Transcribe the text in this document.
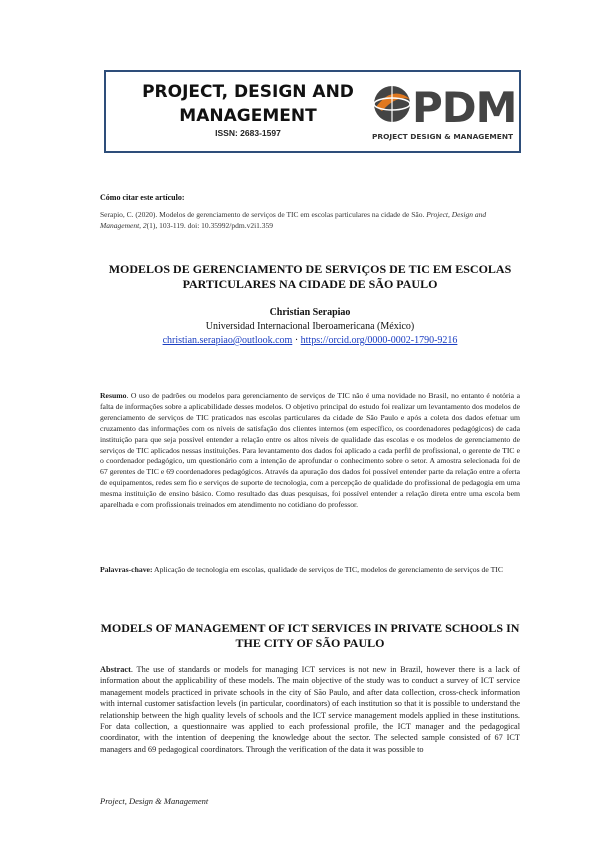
PROJECT, DESIGN AND MANAGEMENT
ISSN: 2683-1597
PDM
PROJECT DESIGN & MANAGEMENT
Cómo citar este artículo:
Serapio, C. (2020). Modelos de gerenciamento de serviços de TIC em escolas particulares na cidade de São. Project, Design and Management, 2(1), 103-119. doi: 10.35992/pdm.v2i1.359
MODELOS DE GERENCIAMENTO DE SERVIÇOS DE TIC EM ESCOLAS PARTICULARES NA CIDADE DE SÃO PAULO
Christian Serapiao
Universidad Internacional Iberoamericana (México)
christian.serapiao@outlook.com · https://orcid.org/0000-0002-1790-9216
Resumo. O uso de padrões ou modelos para gerenciamento de serviços de TIC não é uma novidade no Brasil, no entanto é notória a falta de informações sobre a aplicabilidade desses modelos. O objetivo principal do estudo foi realizar um levantamento dos modelos de gerenciamento de serviços de TIC praticados nas escolas particulares da cidade de São Paulo e após a coleta dos dados efetuar um cruzamento das informações com os níveis de satisfação dos clientes internos (em específico, os coordenadores pedagógicos) de cada instituição para que seja possível entender a relação entre os altos níveis de qualidade das escolas e os modelos de gerenciamento de serviços de TIC aplicados nessas instituições. Para levantamento dos dados foi aplicado a cada perfil de profissional, o gerente de TIC e o coordenador pedagógico, um questionário com a intenção de aprofundar o conhecimento sobre o setor. A amostra selecionada foi de 67 gerentes de TIC e 69 coordenadores pedagógicos. Através da apuração dos dados foi possível entender parte da relação entre a oferta de equipamentos, redes sem fio e serviços de suporte de tecnologia, com a percepção de qualidade do profissional de pedagogia em uma mesma instituição de ensino básico. Como resultado das duas pesquisas, foi possível entender a relação direta entre uma escola bem aparelhada e com profissionais treinados em atendimento no cotidiano do professor.
Palavras-chave: Aplicação de tecnologia em escolas, qualidade de serviços de TIC, modelos de gerenciamento de serviços de TIC
MODELS OF MANAGEMENT OF ICT SERVICES IN PRIVATE SCHOOLS IN THE CITY OF SÃO PAULO
Abstract. The use of standards or models for managing ICT services is not new in Brazil, however there is a lack of information about the applicability of these models. The main objective of the study was to conduct a survey of ICT service management models practiced in private schools in the city of São Paulo, and after data collection, cross-check information with internal customer satisfaction levels (in particular, coordinators) of each institution so that it is possible to understand the relationship between the high quality levels of schools and the ICT service management models applied in these institutions. For data collection, a questionnaire was applied to each professional profile, the ICT manager and the pedagogical coordinator, with the intention of deepening the knowledge about the sector. The selected sample consisted of 67 ICT managers and 69 pedagogical coordinators. Through the verification of the data it was possible to
Project, Design & Management
